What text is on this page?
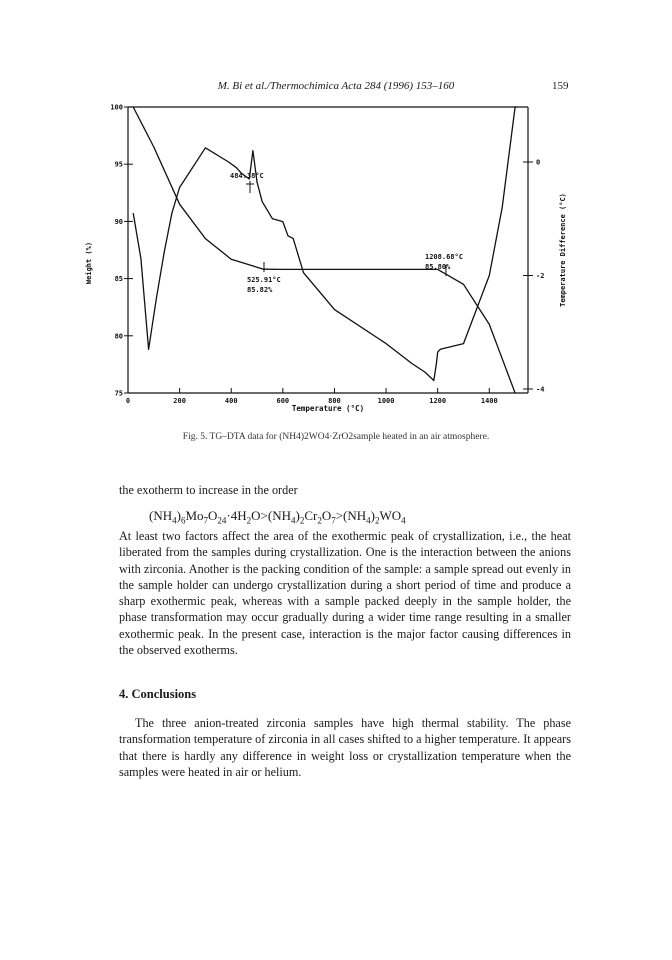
M. Bi et al./Thermochimica Acta 284 (1996) 153–160	159
200	400	600	800	1000	1200	1400
0
100
95
90
85
80
75
0
-2
-4
Temperature (°C)
Weight (%)	Temperature Difference (°C)
484.38°C
525.91°C
85.82%
1208.68°C
85.80%
Fig. 5. TG–DTA data for (NH4)2WO4·ZrO2sample heated in an air atmosphere.
the exotherm to increase in the order
$(NH_4)_6Mo_7O_{24}\cdot 4H_2O>(NH_4)_2Cr_2O_7>(NH_4)_2WO_4$
At least two factors affect the area of the exothermic peak of crystallization, i.e., the heat liberated from the samples during crystallization. One is the interaction between the anions with zirconia. Another is the packing condition of the sample: a sample spread out evenly in the sample holder can undergo crystallization during a short period of time and produce a sharp exothermic peak, whereas with a sample packed deeply in the sample holder, the phase transformation may occur gradually during a wider time range resulting in a smaller exothermic peak. In the present case, interaction is the major factor causing differences in the observed exotherms.
4. Conclusions
The three anion-treated zirconia samples have high thermal stability. The phase transformation temperature of zirconia in all cases shifted to a higher temperature. It appears that there is hardly any difference in weight loss or crystallization temperature when the samples were heated in air or helium.
